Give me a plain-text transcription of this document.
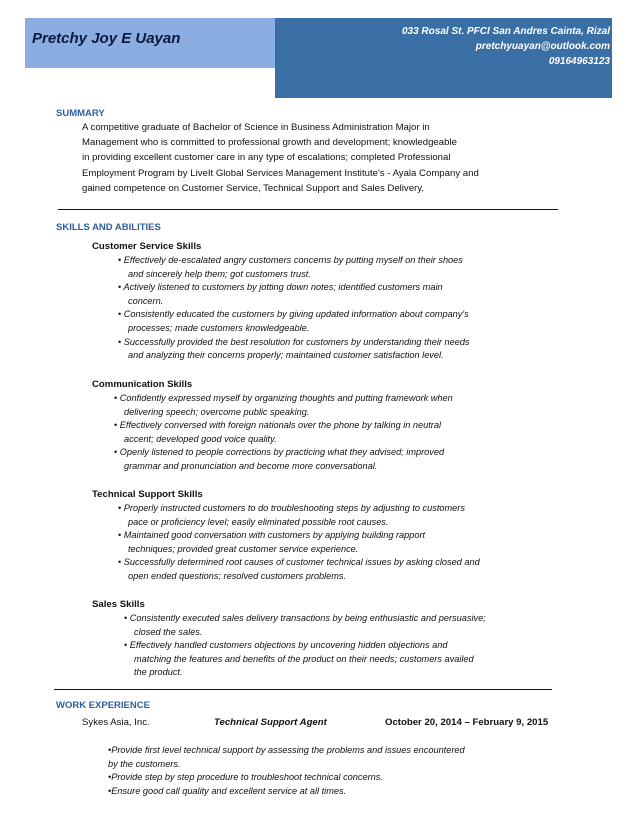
Pretchy Joy E Uayan	033 Rosal St. PFCI San Andres Cainta, Rizal
pretchyuayan@outlook.com
09164963123
SUMMARY
A competitive graduate of Bachelor of Science in Business Administration Major in
Management who is committed to professional growth and development; knowledgeable
in providing excellent customer care in any type of escalations; completed Professional
Employment Program by LiveIt Global Services Management Institute's - Ayala Company and
gained competence on Customer Service, Technical Support and Sales Delivery.
SKILLS AND ABILITIES
Customer Service Skills
• Effectively de-escalated angry customers concerns by putting myself on their shoes
and sincerely help them; got customers trust.
• Actively listened to customers by jotting down notes; identified customers main
concern.
• Consistently educated the customers by giving updated information about company's
processes; made customers knowledgeable.
• Successfully provided the best resolution for customers by understanding their needs
and analyzing their concerns properly; maintained customer satisfaction level.
Communication Skills
• Confidently expressed myself by organizing thoughts and putting framework when
delivering speech; overcome public speaking.
• Effectively conversed with foreign nationals over the phone by talking in neutral
accent; developed good voice quality.
• Openly listened to people corrections by practicing what they advised; improved
grammar and pronunciation and become more conversational.
Technical Support Skills
• Properly instructed customers to do troubleshooting steps by adjusting to customers
pace or proficiency level; easily eliminated possible root causes.
• Maintained good conversation with customers by applying building rapport
techniques; provided great customer service experience.
• Successfully determined root causes of customer technical issues by asking closed and
open ended questions; resolved customers problems.
Sales Skills
• Consistently executed sales delivery transactions by being enthusiastic and persuasive;
closed the sales.
• Effectively handled customers objections by uncovering hidden objections and
matching the features and benefits of the product on their needs; customers availed
the product.
WORK EXPERIENCE
Sykes Asia, Inc.	Technical Support Agent	October 20, 2014 – February 9, 2015
•Provide first level technical support by assessing the problems and issues encountered
by the customers.
•Provide step by step procedure to troubleshoot technical concerns.
•Ensure good call quality and excellent service at all times.
